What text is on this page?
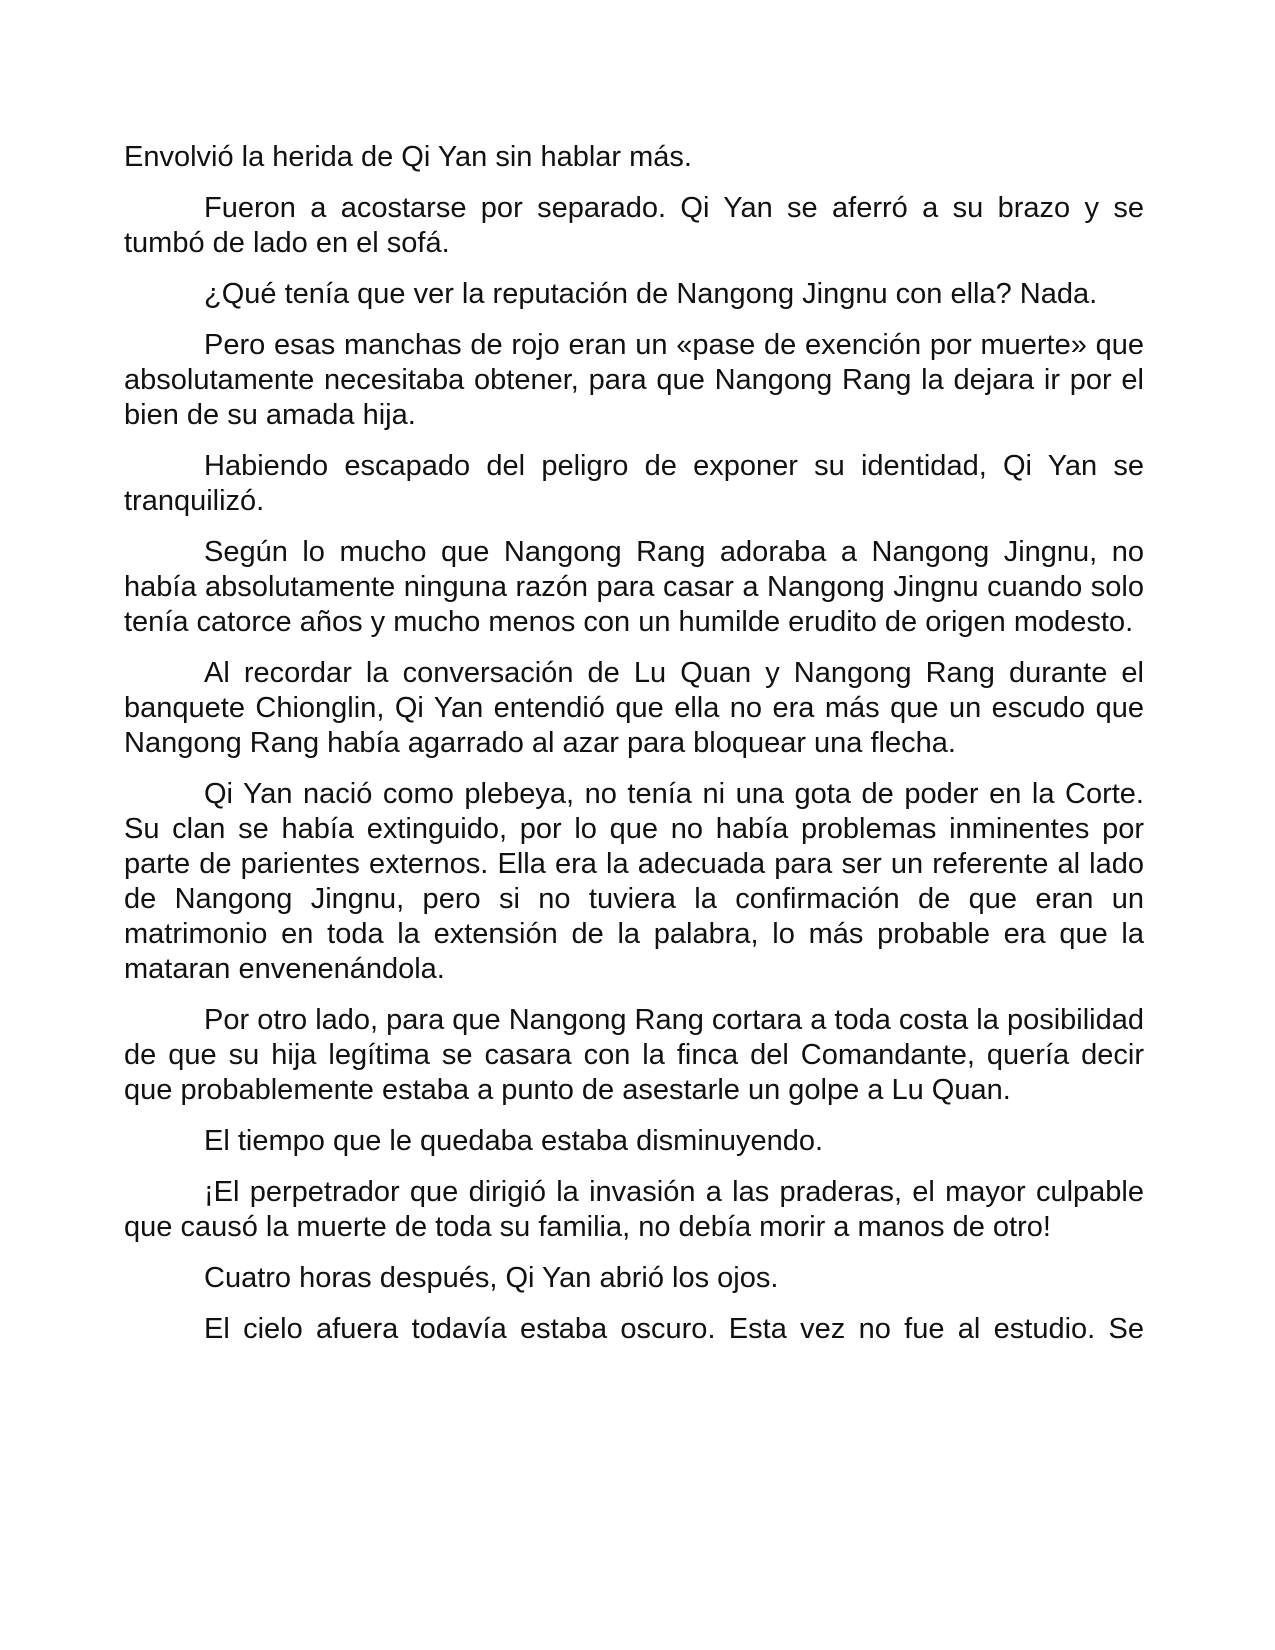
Envolvió la herida de Qi Yan sin hablar más.

Fueron a acostarse por separado. Qi Yan se aferró a su brazo y se tumbó de lado en el sofá.

¿Qué tenía que ver la reputación de Nangong Jingnu con ella? Nada.

Pero esas manchas de rojo eran un «pase de exención por muerte» que absolutamente necesitaba obtener, para que Nangong Rang la dejara ir por el bien de su amada hija.

Habiendo escapado del peligro de exponer su identidad, Qi Yan se tranquilizó.

Según lo mucho que Nangong Rang adoraba a Nangong Jingnu, no había absolutamente ninguna razón para casar a Nangong Jingnu cuando solo tenía catorce años y mucho menos con un humilde erudito de origen modesto.

Al recordar la conversación de Lu Quan y Nangong Rang durante el banquete Chionglin, Qi Yan entendió que ella no era más que un escudo que Nangong Rang había agarrado al azar para bloquear una flecha.

Qi Yan nació como plebeya, no tenía ni una gota de poder en la Corte. Su clan se había extinguido, por lo que no había problemas inminentes por parte de parientes externos. Ella era la adecuada para ser un referente al lado de Nangong Jingnu, pero si no tuviera la confirmación de que eran un matrimonio en toda la extensión de la palabra, lo más probable era que la mataran envenenándola.

Por otro lado, para que Nangong Rang cortara a toda costa la posibilidad de que su hija legítima se casara con la finca del Comandante, quería decir que probablemente estaba a punto de asestarle un golpe a Lu Quan.

El tiempo que le quedaba estaba disminuyendo.

¡El perpetrador que dirigió la invasión a las praderas, el mayor culpable que causó la muerte de toda su familia, no debía morir a manos de otro!

Cuatro horas después, Qi Yan abrió los ojos.

El cielo afuera todavía estaba oscuro. Esta vez no fue al estudio. Se
